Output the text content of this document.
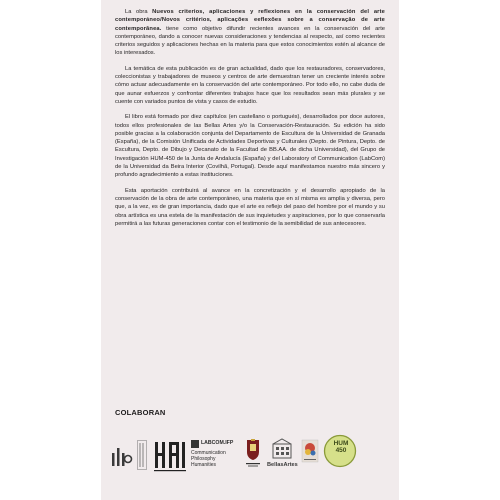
La obra Nuevos criterios, aplicaciones y reflexiones en la conservación del arte contemporáneo/Novos critérios, aplicações eeflexões sobre a conservação de arte contemporânea. tiene como objetivo difundir recientes avances en la conservación del arte contemporáneo, dando a conocer nuevas consideraciones y tendencias al respecto, así como recientes criterios seguidos y aplicaciones hechas en la materia para que estos conocimientos estén al alcance de los interesados.

La temática de esta publicación es de gran actualidad, dado que los restauradores, conservadores, coleccionistas y trabajadores de museos y centros de arte demuestran tener un creciente interés sobre cómo actuar adecuadamente en la conservación del arte contemporáneo. Por todo ello, no cabe duda de que aunar esfuerzos y confrontar diferentes trabajos hace que los resultados sean más plurales y se cuente con variados puntos de vista y casos de estudio.

El libro está formado por diez capítulos (en castellano o portugués), desarrollados por doce autores, todos ellos profesionales de las Bellas Artes y/o la Conservación-Restauración. Su edición ha sido posible gracias a la colaboración conjunta del Departamento de Escultura de la Universidad de Granada (España), de la Comisión Unificada de Actividades Deportivas y Culturales (Depto. de Pintura, Depto. de Escultura, Depto. de Dibujo y Decanato de la Facultad de BB.AA. de dicha Universidad), del Grupo de Investigación HUM-450 de la Junta de Andalucía (España) y del Laboratory of Communication (LabCom) de la Universidad da Beira Interior (Covilhã, Portugal). Desde aquí manifestamos nuestro más sincero y profundo agradecimiento a estas instituciones.

Esta aportación contribuirá al avance en la concretización y el desarrollo apropiado de la conservación de la obra de arte contemporáneo, una materia que en sí misma es amplia y diversa, pero que, a la vez, es de gran importancia, dado que el arte es reflejo del paso del hombre por el mundo y su obra artística es una estela de la manifestación de sus inquietudes y aspiraciones, por lo que conservarla permitirá a las futuras generaciones contar con el testimonio de la semibilidad de sus antecesores.

COLABORAN
LABCOM.IFP
Communication
Philosophy
Humanities	BellasArtes
HUM 450
